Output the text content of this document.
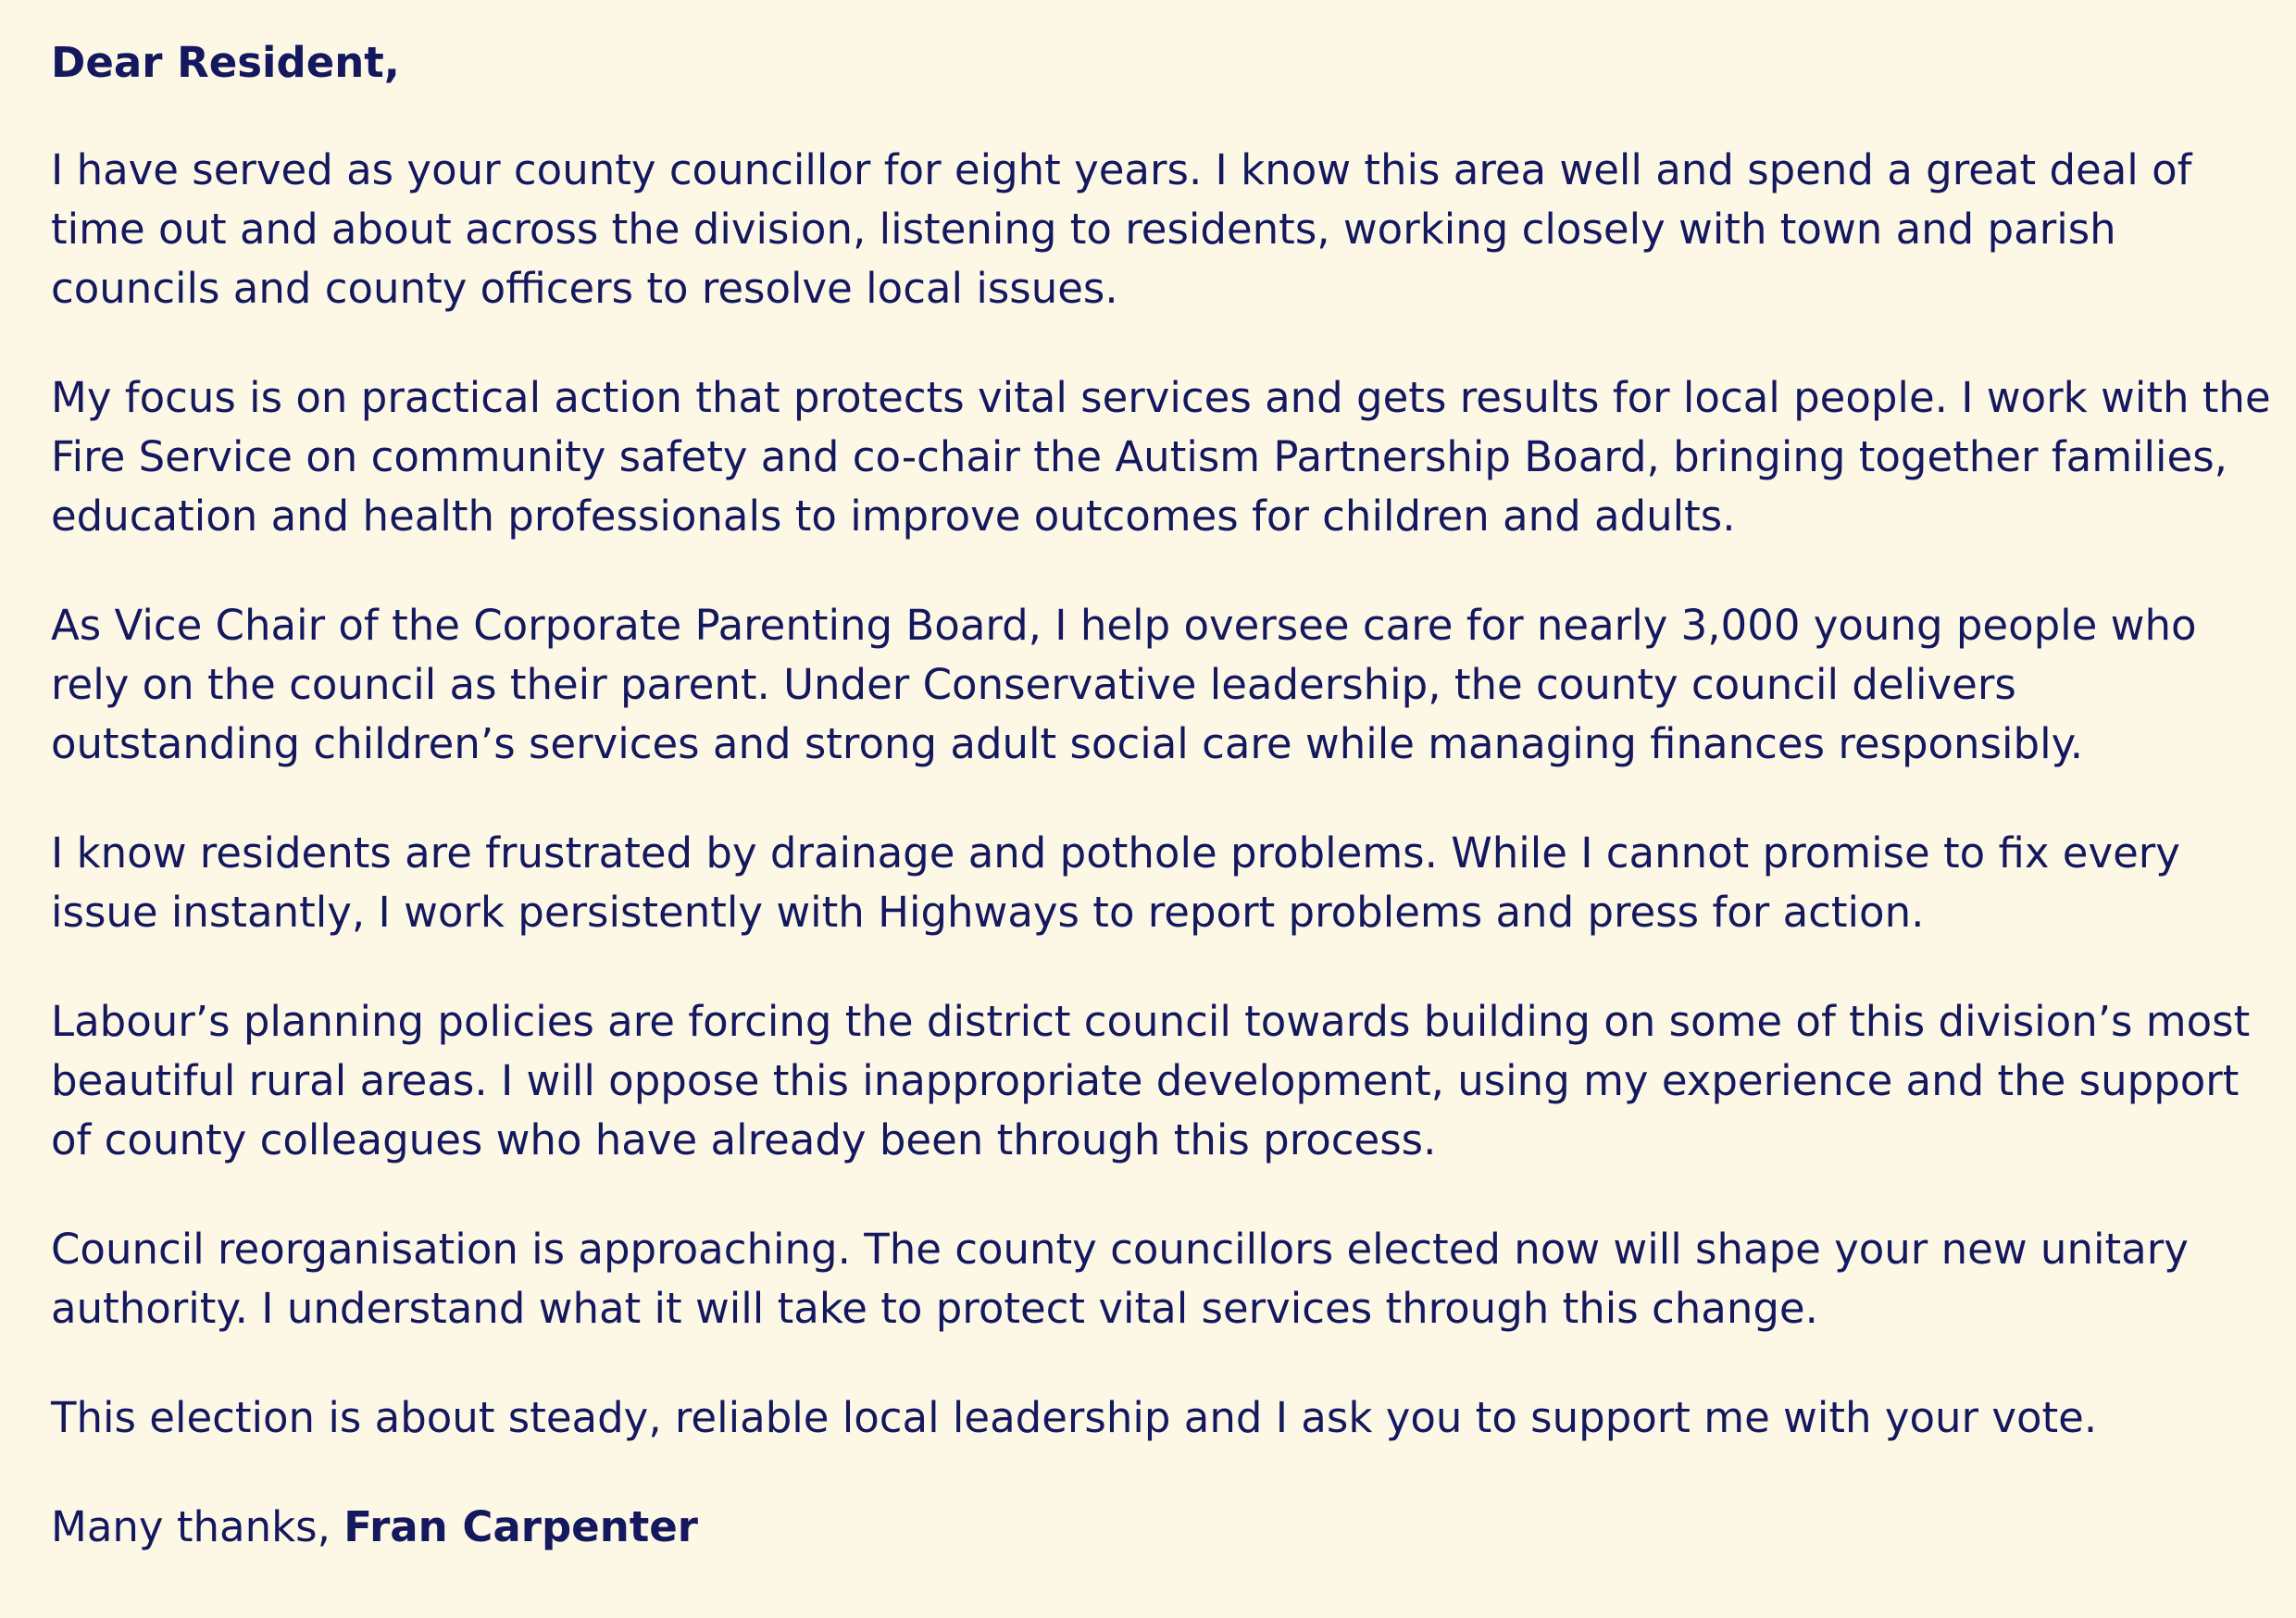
Dear Resident,

I have served as your county councillor for eight years. I know this area well and spend a great deal of time out and about across the division, listening to residents, working closely with town and parish councils and county officers to resolve local issues.

My focus is on practical action that protects vital services and gets results for local people. I work with the Fire Service on community safety and co-chair the Autism Partnership Board, bringing together families, education and health professionals to improve outcomes for children and adults.

As Vice Chair of the Corporate Parenting Board, I help oversee care for nearly 3,000 young people who rely on the council as their parent. Under Conservative leadership, the county council delivers outstanding children’s services and strong adult social care while managing finances responsibly.

I know residents are frustrated by drainage and pothole problems. While I cannot promise to fix every issue instantly, I work persistently with Highways to report problems and press for action.

Labour’s planning policies are forcing the district council towards building on some of this division’s most beautiful rural areas. I will oppose this inappropriate development, using my experience and the support of county colleagues who have already been through this process.

Council reorganisation is approaching. The county councillors elected now will shape your new unitary authority. I understand what it will take to protect vital services through this change.

This election is about steady, reliable local leadership and I ask you to support me with your vote.

Many thanks, Fran Carpenter
